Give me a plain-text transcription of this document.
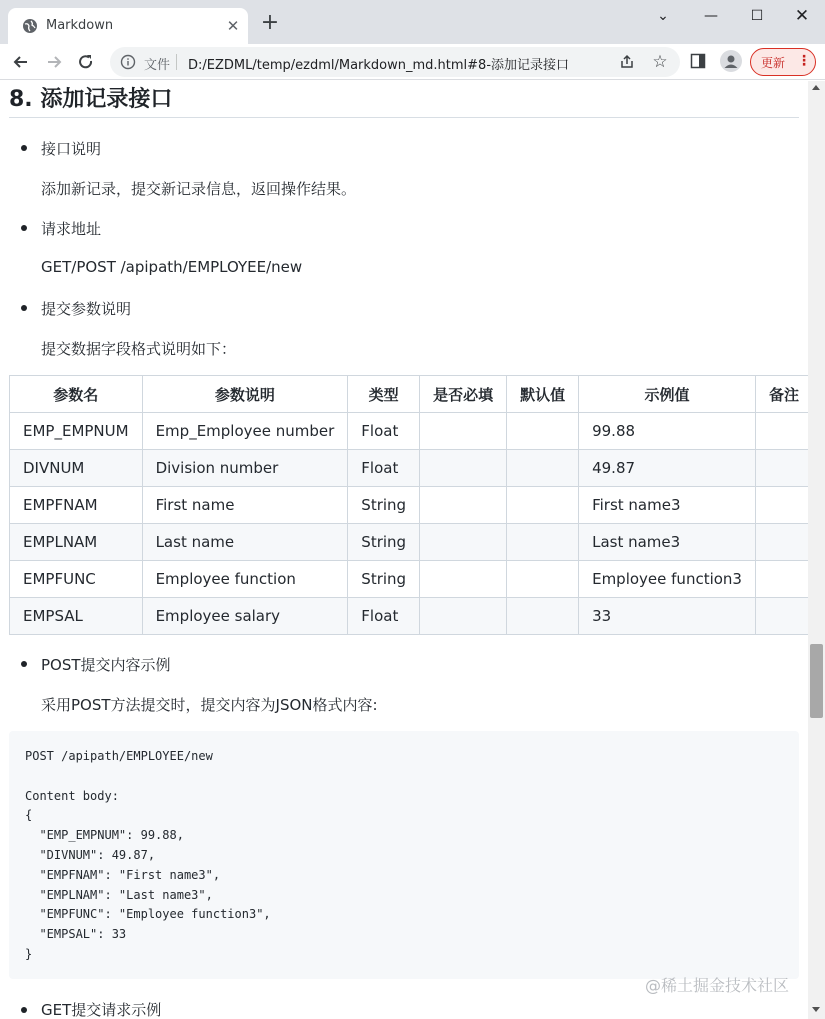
Markdown	✕ +	⌄	—	☐	✕
文件 D:/EZDML/temp/ezdml/Markdown_md.html#8-添加记录接口	☆	更新 ⋮
8. 添加记录接口
接口说明
添加新记录，提交新记录信息，返回操作结果。
请求地址
GET/POST /apipath/EMPLOYEE/new
提交参数说明
提交数据字段格式说明如下：
参数名	参数说明	类型	是否必填	默认值	示例值	备注
EMP_EMPNUM	Emp_Employee number	Float			99.88	
DIVNUM	Division number	Float			49.87	
EMPFNAM	First name	String			First name3	
EMPLNAM	Last name	String			Last name3	
EMPFUNC	Employee function	String			Employee function3	
EMPSAL	Employee salary	Float			33	
POST提交内容示例
采用POST方法提交时，提交内容为JSON格式内容:
POST /apipath/EMPLOYEE/new

Content body:
{
"EMP_EMPNUM": 99.88,
"DIVNUM": 49.87,
"EMPFNAM": "First name3",
"EMPLNAM": "Last name3",
"EMPFUNC": "Employee function3",
"EMPSAL": 33
}
GET提交请求示例
@稀土掘金技术社区
